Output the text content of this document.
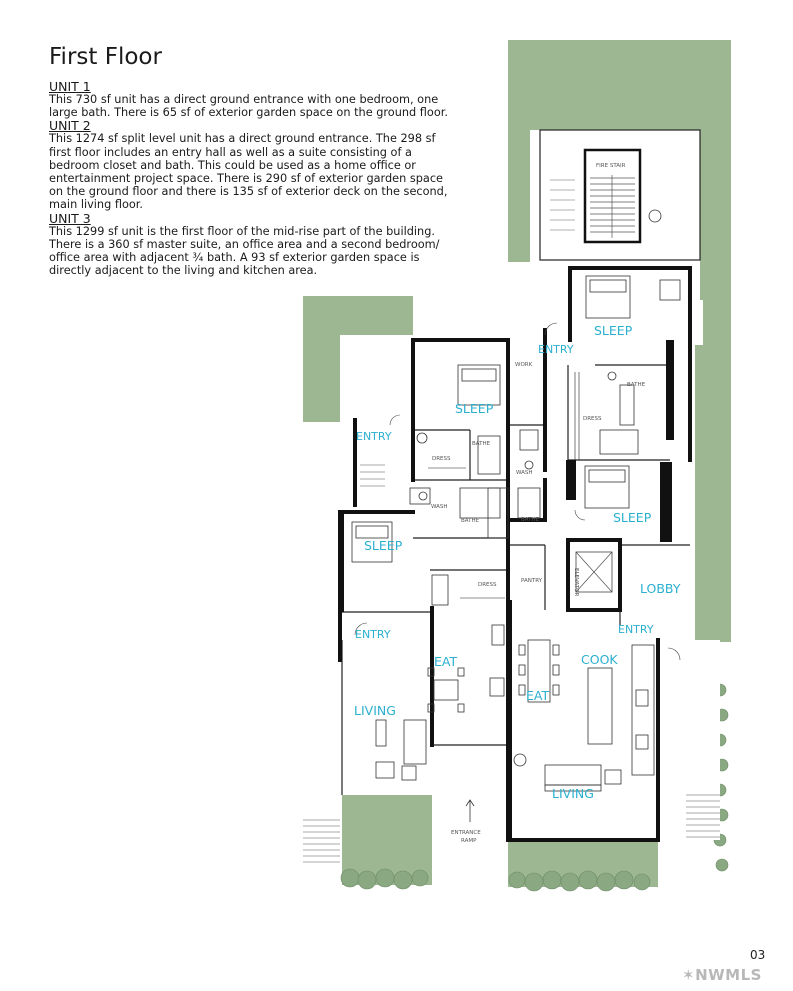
First Floor
UNIT 1

This 730 sf unit has a direct ground entrance with one bedroom, one large bath. There is 65 sf of exterior garden space on the ground floor.

UNIT 2

This 1274 sf split level unit has a direct ground entrance. The 298 sf first floor includes an entry hall as well as a suite consisting of a bedroom closet and bath. This could be used as a home office or entertainment project space. There is 290 sf of exterior garden space on the ground floor and there is 135 sf of exterior deck on the second, main living floor.

UNIT 3

This 1299 sf unit is the first floor of the mid-rise part of the building. There is a 360 sf master suite, an office area and a second bedroom/ office area with adjacent ¾ bath. A 93 sf exterior garden space is directly adjacent to the living and kitchen area.

SLEEP
ENTRY
SLEEP
ENTRY
SLEEP
SLEEP
LOBBY
ENTRY
ENTRY
COOK
EAT
EAT
LIVING
LIVING
FIRE STAIR
WORK
BATHE
DRESS
BATHE
DRESS
WASH
WASH
BATHE	BATHE
DRESS
PANTRY	ELEVATOR
ENTRANCE
RAMP
03
✶NWMLS
